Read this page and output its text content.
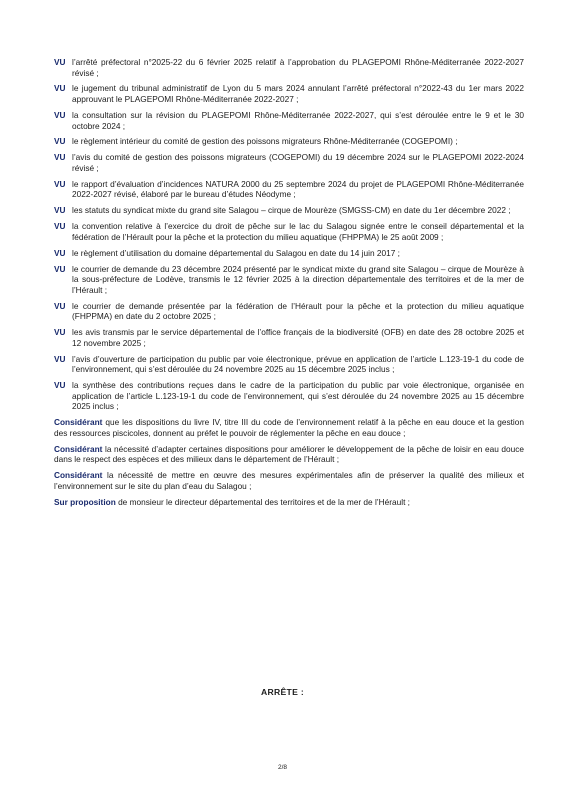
VU l’arrêté préfectoral n°2025-22 du 6 février 2025 relatif à l’approbation du PLAGEPOMI Rhône-Méditerranée 2022-2027 révisé ;
VU le jugement du tribunal administratif de Lyon du 5 mars 2024 annulant l’arrêté préfectoral n°2022-43 du 1er mars 2022 approuvant le PLAGEPOMI Rhône-Méditerranée 2022-2027 ;
VU la consultation sur la révision du PLAGEPOMI Rhône-Méditerranée 2022-2027, qui s’est déroulée entre le 9 et le 30 octobre 2024 ;
VU le règlement intérieur du comité de gestion des poissons migrateurs Rhône-Méditerranée (COGEPOMI) ;
VU l’avis du comité de gestion des poissons migrateurs (COGEPOMI) du 19 décembre 2024 sur le PLAGEPOMI 2022-2024 révisé ;
VU le rapport d’évaluation d’incidences NATURA 2000 du 25 septembre 2024 du projet de PLAGEPOMI Rhône-Méditerranée 2022-2027 révisé, élaboré par le bureau d’études Néodyme ;
VU les statuts du syndicat mixte du grand site Salagou – cirque de Mourèze (SMGSS-CM) en date du 1er décembre 2022 ;
VU la convention relative à l’exercice du droit de pêche sur le lac du Salagou signée entre le conseil départemental et la fédération de l’Hérault pour la pêche et la protection du milieu aquatique (FHPPMA) le 25 août 2009 ;
VU le règlement d’utilisation du domaine départemental du Salagou en date du 14 juin 2017 ;
VU le courrier de demande du 23 décembre 2024 présenté par le syndicat mixte du grand site Salagou – cirque de Mourèze à la sous-préfecture de Lodève, transmis le 12 février 2025 à la direction départementale des territoires et de la mer de l’Hérault ;
VU le courrier de demande présentée par la fédération de l’Hérault pour la pêche et la protection du milieu aquatique (FHPPMA) en date du 2 octobre 2025 ;
VU les avis transmis par le service départemental de l’office français de la biodiversité (OFB) en date des 28 octobre 2025 et 12 novembre 2025 ;
VU l’avis d’ouverture de participation du public par voie électronique, prévue en application de l’article L.123-19-1 du code de l’environnement, qui s’est déroulée du 24 novembre 2025 au 15 décembre 2025 inclus ;
VU la synthèse des contributions reçues dans le cadre de la participation du public par voie électronique, organisée en application de l’article L.123-19-1 du code de l’environnement, qui s’est déroulée du 24 novembre 2025 au 15 décembre 2025 inclus ;
Considérant que les dispositions du livre IV, titre III du code de l’environnement relatif à la pêche en eau douce et la gestion des ressources piscicoles, donnent au préfet le pouvoir de réglementer la pêche en eau douce ;
Considérant la nécessité d’adapter certaines dispositions pour améliorer le développement de la pêche de loisir en eau douce dans le respect des espèces et des milieux dans le département de l’Hérault ;
Considérant la nécessité de mettre en œuvre des mesures expérimentales afin de préserver la qualité des milieux et l’environnement sur le site du plan d’eau du Salagou ;
Sur proposition de monsieur le directeur départemental des territoires et de la mer de l’Hérault ;
ARRÊTE :
2/8
